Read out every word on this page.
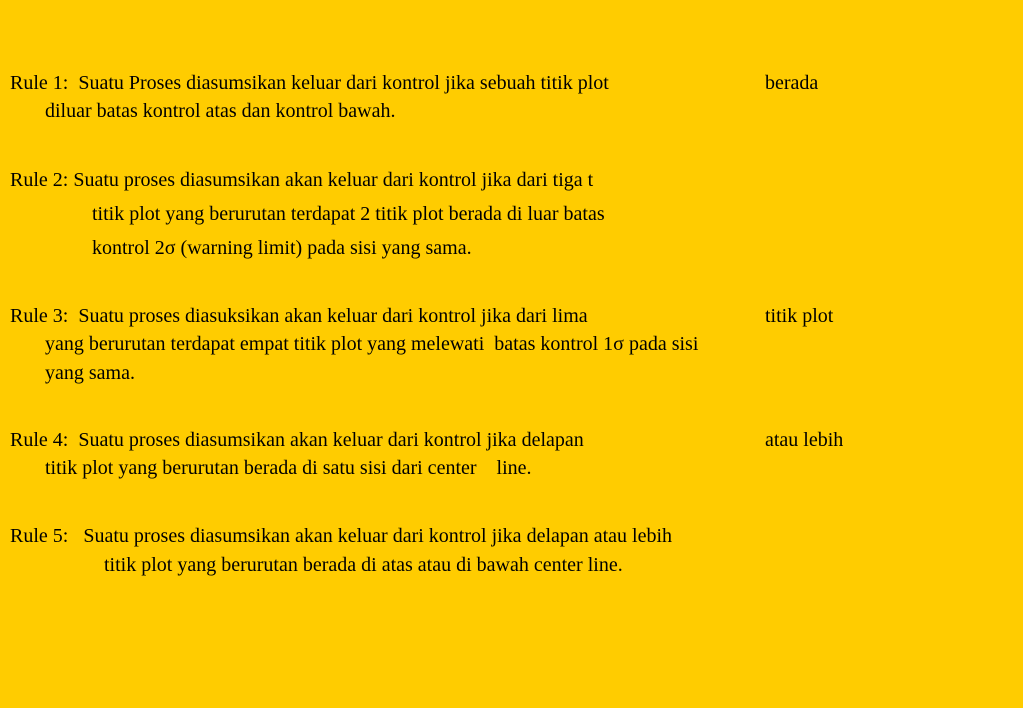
Rule 1:  Suatu Proses diasumsikan keluar dari kontrol jika sebuah titik plot	berada

diluar batas kontrol atas dan kontrol bawah.

Rule 2: Suatu proses diasumsikan akan keluar dari kontrol jika dari tiga t

titik plot yang berurutan terdapat 2 titik plot berada di luar batas

kontrol 2σ (warning limit) pada sisi yang sama.

Rule 3:  Suatu proses diasuksikan akan keluar dari kontrol jika dari lima	titik plot

yang berurutan terdapat empat titik plot yang melewati  batas kontrol 1σ pada sisi

yang sama.

Rule 4:  Suatu proses diasumsikan akan keluar dari kontrol jika delapan	atau lebih

titik plot yang berurutan berada di satu sisi dari center    line.

Rule 5:   Suatu proses diasumsikan akan keluar dari kontrol jika delapan atau lebih

titik plot yang berurutan berada di atas atau di bawah center line.
